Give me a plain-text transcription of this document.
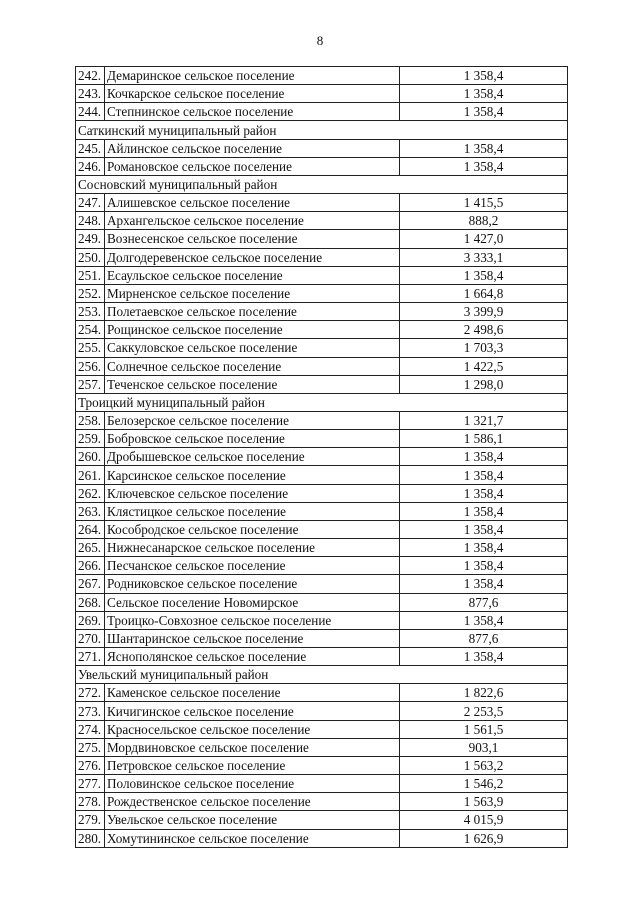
8
242.	Демаринское сельское поселение	1 358,4
243.	Кочкарское сельское поселение	1 358,4
244.	Степнинское сельское поселение	1 358,4
Саткинский муниципальный район		
245.	Айлинское сельское поселение	1 358,4
246.	Романовское сельское поселение	1 358,4
Сосновский муниципальный район		
247.	Алишевское сельское поселение	1 415,5
248.	Архангельское сельское поселение	888,2
249.	Вознесенское сельское поселение	1 427,0
250.	Долгодеревенское сельское поселение	3 333,1
251.	Есаульское сельское поселение	1 358,4
252.	Мирненское сельское поселение	1 664,8
253.	Полетаевское сельское поселение	3 399,9
254.	Рощинское сельское поселение	2 498,6
255.	Саккуловское сельское поселение	1 703,3
256.	Солнечное сельское поселение	1 422,5
257.	Теченское сельское поселение	1 298,0
Троицкий муниципальный район		
258.	Белозерское сельское поселение	1 321,7
259.	Бобровское сельское поселение	1 586,1
260.	Дробышевское сельское поселение	1 358,4
261.	Карсинское сельское поселение	1 358,4
262.	Ключевское сельское поселение	1 358,4
263.	Клястицкое сельское поселение	1 358,4
264.	Кособродское сельское поселение	1 358,4
265.	Нижнесанарское сельское поселение	1 358,4
266.	Песчанское сельское поселение	1 358,4
267.	Родниковское сельское поселение	1 358,4
268.	Сельское поселение Новомирское	877,6
269.	Троицко-Совхозное сельское поселение	1 358,4
270.	Шантаринское сельское поселение	877,6
271.	Яснополянское сельское поселение	1 358,4
Увельский муниципальный район		
272.	Каменское сельское поселение	1 822,6
273.	Кичигинское сельское поселение	2 253,5
274.	Красносельское сельское поселение	1 561,5
275.	Мордвиновское сельское поселение	903,1
276.	Петровское сельское поселение	1 563,2
277.	Половинское сельское поселение	1 546,2
278.	Рождественское сельское поселение	1 563,9
279.	Увельское сельское поселение	4 015,9
280.	Хомутининское сельское поселение	1 626,9
